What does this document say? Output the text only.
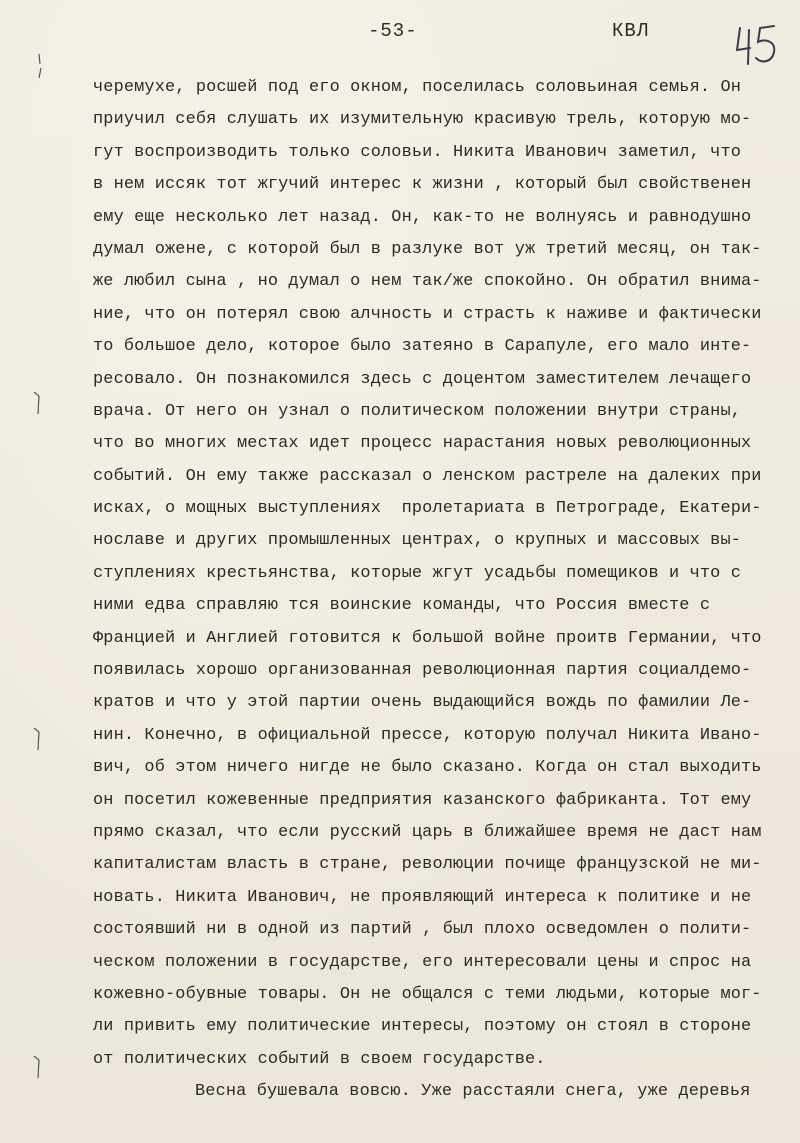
-53-	КВЛ
черемухе, росшей под его окном, поселилась соловьиная семья. Он
приучил себя слушать их изумительную красивую трель, которую мо-
гут воспроизводить только соловьи. Никита Иванович заметил, что
в нем иссяк тот жгучий интерес к жизни , который был свойственен
ему еще несколько лет назад. Он, как-то не волнуясь и равнодушно
думал ожене, с которой был в разлуке вот уж третий месяц, он так-
же любил сына , но думал о нем так/же спокойно. Он обратил внима-
ние, что он потерял свою алчность и страсть к наживе и фактически
то большое дело, которое было затеяно в Сарапуле, его мало инте-
ресовало. Он познакомился здесь с доцентом заместителем лечащего
врача. От него он узнал о политическом положении внутри страны,
что во многих местах идет процесс нарастания новых революционных
событий. Он ему также рассказал о ленском растреле на далеких при
исках, о мощных выступлениях  пролетариата в Петрограде, Екатери-
нославе и других промышленных центрах, о крупных и массовых вы-
ступлениях крестьянства, которые жгут усадьбы помещиков и что с
ними едва справляю тся воинские команды, что Россия вместе с
Францией и Англией готовится к большой войне проитв Германии, что
появилась хорошо организованная революционная партия социалдемо-
кратов и что у этой партии очень выдающийся вождь по фамилии Ле-
нин. Конечно, в официальной прессе, которую получал Никита Ивано-
вич, об этом ничего нигде не было сказано. Когда он стал выходить
он посетил кожевенные предприятия казанского фабриканта. Тот ему
прямо сказал, что если русский царь в ближайшее время не даст нам
капиталистам власть в стране, революции почище французской не ми-
новать. Никита Иванович, не проявляющий интереса к политике и не
состоявший ни в одной из партий , был плохо осведомлен о полити-
ческом положении в государстве, его интересовали цены и спрос на
кожевно-обувные товары. Он не общался с теми людьми, которые мог-
ли привить ему политические интересы, поэтому он стоял в стороне
от политических событий в своем государстве.
Весна бушевала вовсю. Уже расстаяли снега, уже деревья
